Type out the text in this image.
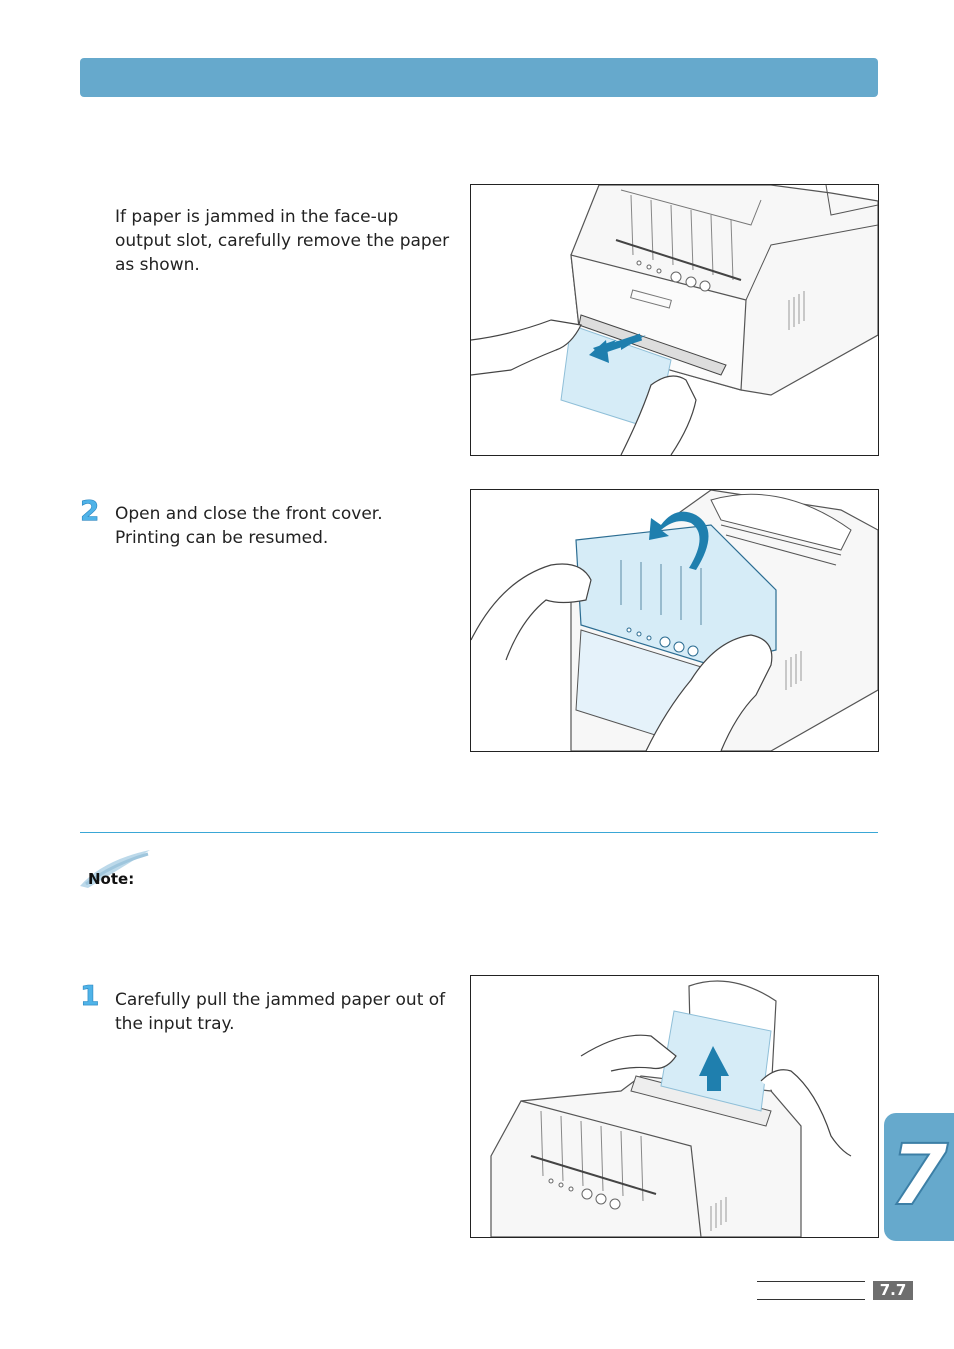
If paper is jammed in the face-up output slot, carefully remove the paper as shown.
2 Open and close the front cover. Printing can be resumed.
Note:
1 Carefully pull the jammed paper out of the input tray.
7
7.7
